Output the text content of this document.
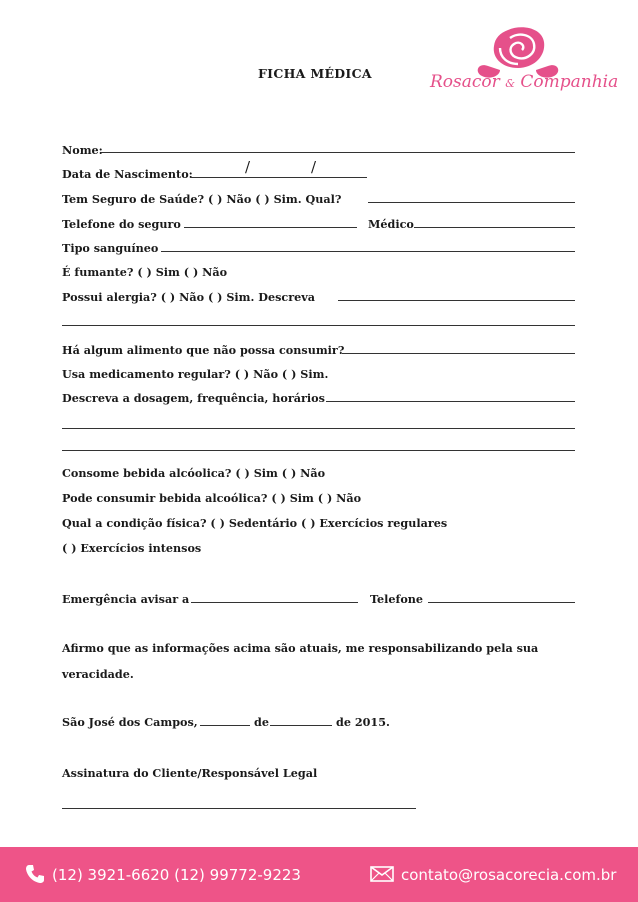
FICHA MÉDICA	Rosacor & Companhia
Nome:
Data de Nascimento:	/	/
Tem Seguro de Saúde? ( ) Não ( ) Sim. Qual?
Telefone do seguro	Médico
Tipo sanguíneo
É fumante? ( ) Sim ( ) Não
Possui alergia? ( ) Não ( ) Sim. Descreva
Há algum alimento que não possa consumir?
Usa medicamento regular? ( ) Não ( ) Sim.
Descreva a dosagem, frequência, horários
Consome bebida alcóolica? ( ) Sim ( ) Não
Pode consumir bebida alcoólica? ( ) Sim ( ) Não
Qual a condição física? ( ) Sedentário ( ) Exercícios regulares
( ) Exercícios intensos
Emergência avisar a	Telefone
Afirmo que as informações acima são atuais, me responsabilizando pela sua
veracidade.
São José dos Campos,	de	de 2015.
Assinatura do Cliente/Responsável Legal
(12) 3921-6620 (12) 99772-9223	contato@rosacorecia.com.br
